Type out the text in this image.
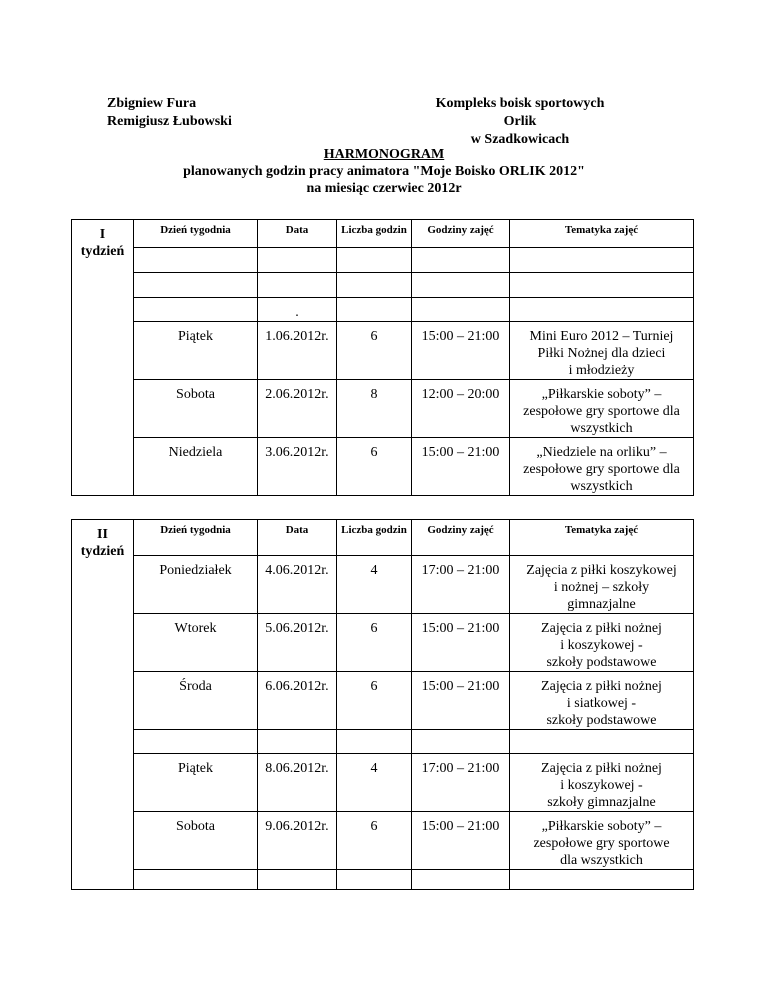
Zbigniew Fura
Remigiusz Łubowski
Kompleks boisk sportowych Orlik
w Szadkowicach
HARMONOGRAM
planowanych godzin pracy animatora "Moje Boisko ORLIK 2012"
na miesiąc czerwiec 2012r
I
tydzień	Dzień tygodnia	Data	Liczba godzin	Godziny zajęć	Tematyka zajęć

		.			
	Piątek	1.06.2012r.	6	15:00 – 21:00	Mini Euro 2012 – Turniej
Piłki Nożnej dla dzieci
i młodzieży

	Sobota	2.06.2012r.	8	12:00 – 20:00	„Piłkarskie soboty” –
zespołowe gry sportowe dla
wszystkich

	Niedziela	3.06.2012r.	6	15:00 – 21:00	„Niedziele na orliku” –
zespołowe gry sportowe dla
wszystkich
II
tydzień	Dzień tygodnia	Data	Liczba godzin	Godziny zajęć	Tematyka zajęć
	Poniedziałek	4.06.2012r.	4	17:00 – 21:00	Zajęcia z piłki koszykowej
i nożnej – szkoły
gimnazjalne

	Wtorek	5.06.2012r.	6	15:00 – 21:00	Zajęcia z piłki nożnej
i koszykowej -
szkoły podstawowe

	Środa	6.06.2012r.	6	15:00 – 21:00	Zajęcia z piłki nożnej
i siatkowej -
szkoły podstawowe

	Piątek	8.06.2012r.	4	17:00 – 21:00	Zajęcia z piłki nożnej
i koszykowej -
szkoły gimnazjalne

	Sobota	9.06.2012r.	6	15:00 – 21:00	„Piłkarskie soboty” –
zespołowe gry sportowe
dla wszystkich
